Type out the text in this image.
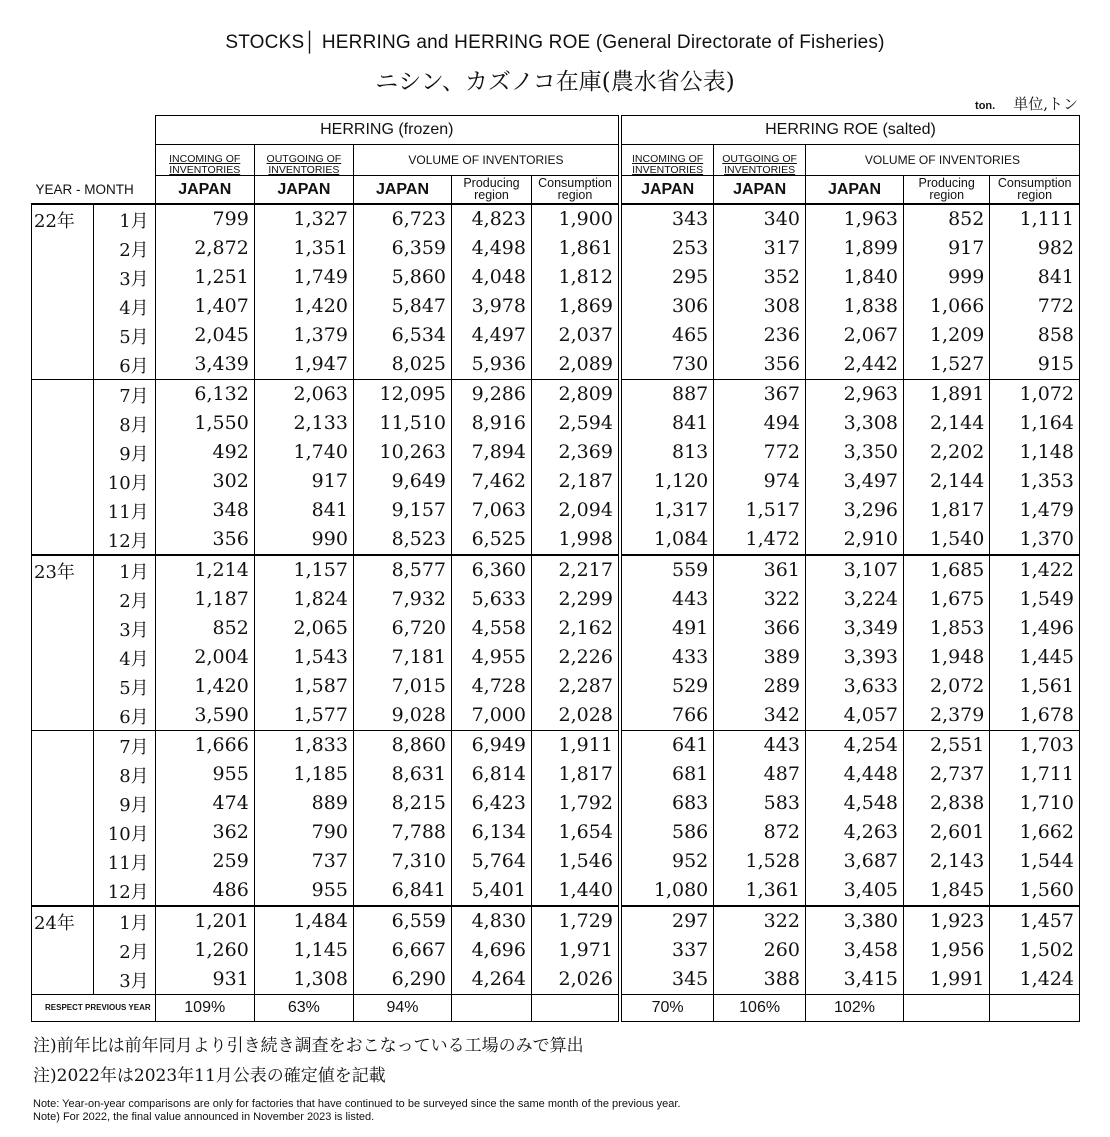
STOCKS│ HERRING and HERRING ROE (General Directorate of Fisheries)
ニシン、カズノコ在庫(農水省公表)
ton. 単位,トン
		HERRING (frozen)					HERRING ROE (salted)				
		INCOMING OF INVENTORIES	OUTGOING OF INVENTORIES	VOLUME OF INVENTORIES			INCOMING OF INVENTORIES	OUTGOING OF INVENTORIES	VOLUME OF INVENTORIES		
YEAR - MONTH		JAPAN	JAPAN	JAPAN	Producing region	Consumption region	JAPAN	JAPAN	JAPAN	Producing region	Consumption region
22年	1月	799	1,327	6,723	4,823	1,900	343	340	1,963	852	1,111
	2月	2,872	1,351	6,359	4,498	1,861	253	317	1,899	917	982
	3月	1,251	1,749	5,860	4,048	1,812	295	352	1,840	999	841
	4月	1,407	1,420	5,847	3,978	1,869	306	308	1,838	1,066	772
	5月	2,045	1,379	6,534	4,497	2,037	465	236	2,067	1,209	858
	6月	3,439	1,947	8,025	5,936	2,089	730	356	2,442	1,527	915
	7月	6,132	2,063	12,095	9,286	2,809	887	367	2,963	1,891	1,072
	8月	1,550	2,133	11,510	8,916	2,594	841	494	3,308	2,144	1,164
	9月	492	1,740	10,263	7,894	2,369	813	772	3,350	2,202	1,148
	10月	302	917	9,649	7,462	2,187	1,120	974	3,497	2,144	1,353
	11月	348	841	9,157	7,063	2,094	1,317	1,517	3,296	1,817	1,479
	12月	356	990	8,523	6,525	1,998	1,084	1,472	2,910	1,540	1,370
23年	1月	1,214	1,157	8,577	6,360	2,217	559	361	3,107	1,685	1,422
	2月	1,187	1,824	7,932	5,633	2,299	443	322	3,224	1,675	1,549
	3月	852	2,065	6,720	4,558	2,162	491	366	3,349	1,853	1,496
	4月	2,004	1,543	7,181	4,955	2,226	433	389	3,393	1,948	1,445
	5月	1,420	1,587	7,015	4,728	2,287	529	289	3,633	2,072	1,561
	6月	3,590	1,577	9,028	7,000	2,028	766	342	4,057	2,379	1,678
	7月	1,666	1,833	8,860	6,949	1,911	641	443	4,254	2,551	1,703
	8月	955	1,185	8,631	6,814	1,817	681	487	4,448	2,737	1,711
	9月	474	889	8,215	6,423	1,792	683	583	4,548	2,838	1,710
	10月	362	790	7,788	6,134	1,654	586	872	4,263	2,601	1,662
	11月	259	737	7,310	5,764	1,546	952	1,528	3,687	2,143	1,544
	12月	486	955	6,841	5,401	1,440	1,080	1,361	3,405	1,845	1,560
24年	1月	1,201	1,484	6,559	4,830	1,729	297	322	3,380	1,923	1,457
	2月	1,260	1,145	6,667	4,696	1,971	337	260	3,458	1,956	1,502
	3月	931	1,308	6,290	4,264	2,026	345	388	3,415	1,991	1,424
RESPECT PREVIOUS YEAR		109%	63%	94%			70%	106%	102%		

注)前年比は前年同月より引き続き調査をおこなっている工場のみで算出

注)2022年は2023年11月公表の確定値を記載

Note: Year-on-year comparisons are only for factories that have continued to be surveyed since the same month of the previous year.

Note) For 2022, the final value announced in November 2023 is listed.
